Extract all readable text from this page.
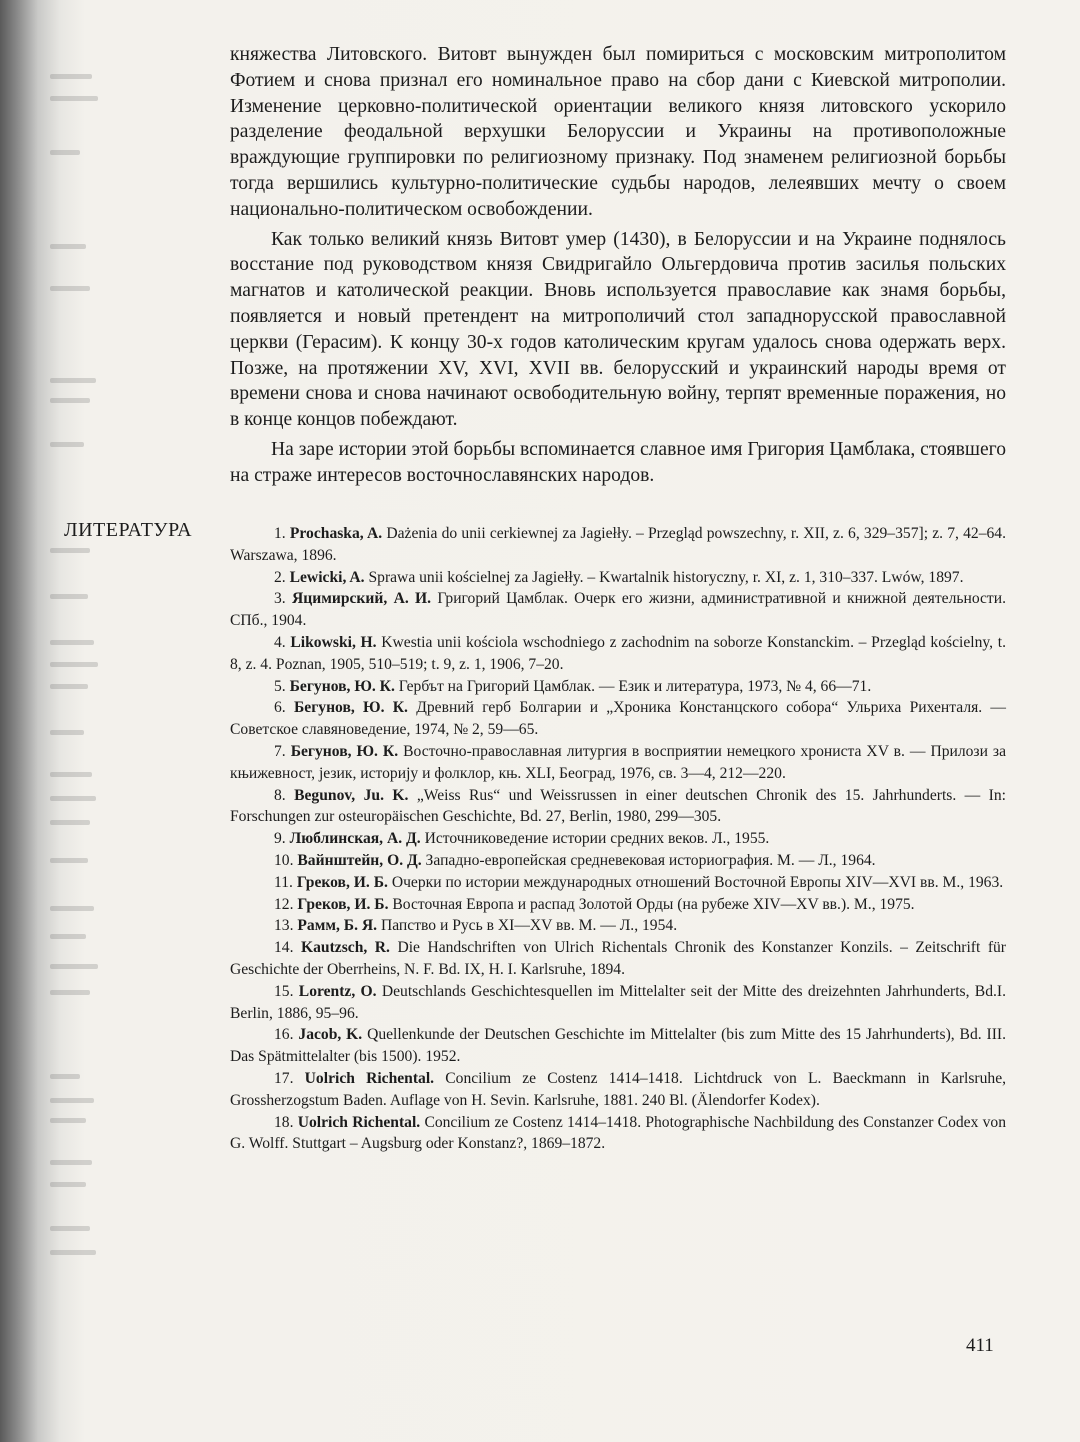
княжества Литовского. Витовт вынужден был помириться с московским митрополитом Фотием и снова признал его номинальное право на сбор дани с Киевской митрополии. Изменение церковно-политической ориентации великого князя литовского ускорило разделение феодальной верхушки Белоруссии и Украины на противоположные враждующие группировки по религиозному признаку. Под знаменем религиозной борьбы тогда вершились культурно-политические судьбы народов, лелеявших мечту о своем национально-политическом освобождении.

Как только великий князь Витовт умер (1430), в Белоруссии и на Украине поднялось восстание под руководством князя Свидригайло Ольгердовича против засилья польских магнатов и католической реакции. Вновь используется православие как знамя борьбы, появляется и новый претендент на митрополичий стол западнорусской православной церкви (Герасим). К концу 30-х годов католическим кругам удалось снова одержать верх. Позже, на протяжении XV, XVI, XVII вв. белорусский и украинский народы время от времени снова и снова начинают освободительную войну, терпят временные поражения, но в конце концов побеждают.

На заре истории этой борьбы вспоминается славное имя Григория Цамблака, стоявшего на страже интересов восточнославянских народов.

ЛИТЕРАТУРА	1. Prochaska, A. Dażenia do unii cerkiewnej za Jagiełły. – Przegląd powszechny, r. XII, z. 6, 329–357]; z. 7, 42–64. Warszawa, 1896.
2. Lewicki, A. Sprawa unii kościelnej za Jagiełły. – Kwartalnik historyczny, r. XI, z. 1, 310–337. Lwów, 1897.
3. Яцимирский, А. И. Григорий Цамблак. Очерк его жизни, административной и книжной деятельности. СПб., 1904.
4. Likowski, H. Kwestia unii kościola wschodniego z zachodnim na soborze Konstanckim. – Przegląd kościelny, t. 8, z. 4. Poznan, 1905, 510–519; t. 9, z. 1, 1906, 7–20.
5. Бегунов, Ю. К. Гербът на Григорий Цамблак. — Език и литература, 1973, № 4, 66—71.
6. Бегунов, Ю. К. Древний герб Болгарии и „Хроника Констанцского собора“ Ульриха Рихенталя. — Советское славяноведение, 1974, № 2, 59—65.
7. Бегунов, Ю. К. Восточно-православная литургия в восприятии немецкого хрониста XV в. — Прилози за књижевност, језик, историју и фолклор, књ. XLI, Београд, 1976, св. 3—4, 212—220.
8. Begunov, Ju. K. „Weiss Rus“ und Weissrussen in einer deutschen Chronik des 15. Jahrhunderts. — In: Forschungen zur osteuropäischen Geschichte, Bd. 27, Berlin, 1980, 299—305.
9. Люблинская, А. Д. Источниковедение истории средних веков. Л., 1955.
10. Вайнштейн, О. Д. Западно-европейская средневековая историография. М. — Л., 1964.
11. Греков, И. Б. Очерки по истории международных отношений Восточной Европы XIV—XVI вв. М., 1963.
12. Греков, И. Б. Восточная Европа и распад Золотой Орды (на рубеже XIV—XV вв.). М., 1975.
13. Рамм, Б. Я. Папство и Русь в XI—XV вв. М. — Л., 1954.
14. Kautzsch, R. Die Handschriften von Ulrich Richentals Chronik des Konstanzer Konzils. – Zeitschrift für Geschichte der Oberrheins, N. F. Bd. IX, H. I. Karlsruhe, 1894.
15. Lorentz, O. Deutschlands Geschichtesquellen im Mittelalter seit der Mitte des dreizehnten Jahrhunderts, Bd.I. Berlin, 1886, 95–96.
16. Jacob, K. Quellenkunde der Deutschen Geschichte im Mittelalter (bis zum Mitte des 15 Jahrhunderts), Bd. III. Das Spätmittelalter (bis 1500). 1952.
17. Uolrich Richental. Concilium ze Costenz 1414–1418. Lichtdruck von L. Baeckmann in Karlsruhe, Grossherzogstum Baden. Auflage von H. Sevin. Karlsruhe, 1881. 240 Bl. (Älendorfer Kodex).
18. Uolrich Richental. Concilium ze Costenz 1414–1418. Photographische Nachbildung des Constanzer Codex von G. Wolff. Stuttgart – Augsburg oder Konstanz?, 1869–1872.
411
